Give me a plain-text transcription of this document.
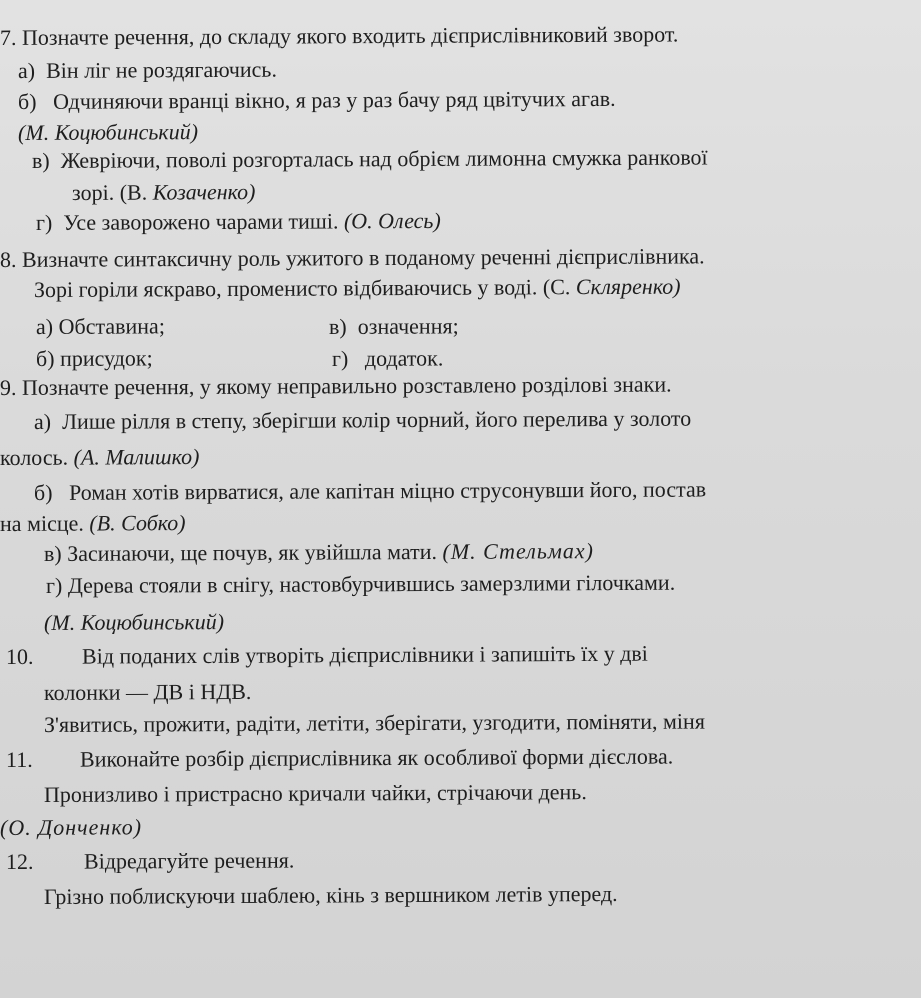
7. Позначте речення, до складу якого входить дієприслівниковий зворот.
а) Він ліг не роздягаючись.
б) Одчиняючи вранці вікно, я раз у раз бачу ряд цвітучих агав.
(М. Коцюбинський)
в) Жевріючи, поволі розгорталась над обрієм лимонна смужка ранкової
зорі. (В. Козаченко)
г) Усе заворожено чарами тиші. (О. Олесь)
8. Визначте синтаксичну роль ужитого в поданому реченні дієприслівника.
Зорі горіли яскраво, променисто відбиваючись у воді. (С. Скляренко)
а) Обставина;	в) означення;
б) присудок;	г) додаток.
9. Позначте речення, у якому неправильно розставлено розділові знаки.
а) Лише рілля в степу, зберігши колір чорний, його перелива у золото
колось. (А. Малишко)
б) Роман хотів вирватися, але капітан міцно струсонувши його, постав
на місце. (В. Собко)
в) Засинаючи, ще почув, як увійшла мати. (М. Стельмах)
г) Дерева стояли в снігу, настовбурчившись замерзлими гілочками.
(М. Коцюбинський)
10. Від поданих слів утворіть дієприслівники і запишіть їх у дві
колонки — ДВ і НДВ.
З'явитись, прожити, радіти, летіти, зберігати, узгодити, поміняти, міня
11. Виконайте розбір дієприслівника як особливої форми дієслова.
Пронизливо і пристрасно кричали чайки, стрічаючи день.
(О. Донченко)
12. Відредагуйте речення.
Грізно поблискуючи шаблею, кінь з вершником летів уперед.
